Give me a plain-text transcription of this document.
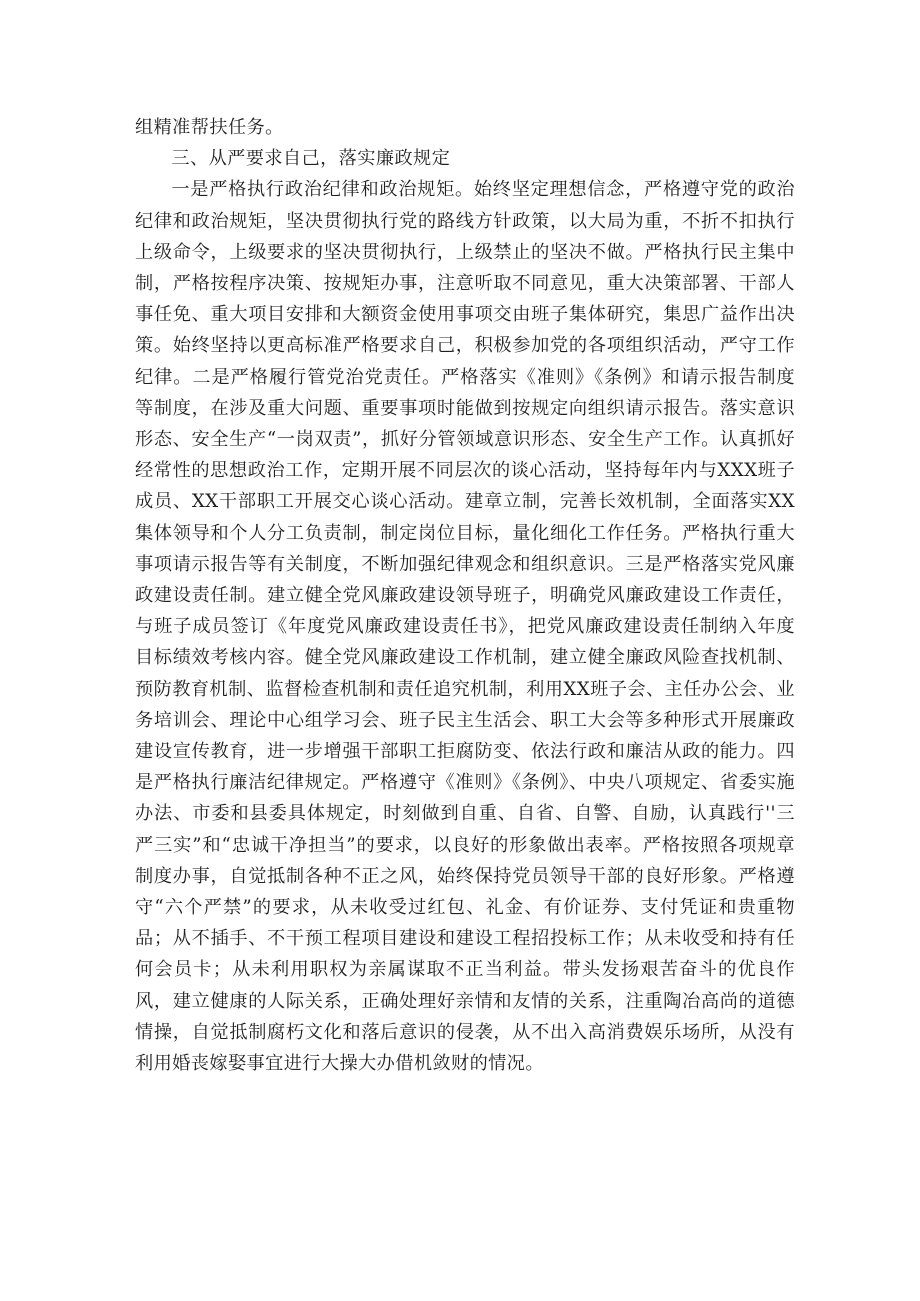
组精准帮扶任务。

三、从严要求自己，落实廉政规定

一是严格执行政治纪律和政治规矩。始终坚定理想信念，严格遵守党的政治纪律和政治规矩，坚决贯彻执行党的路线方针政策，以大局为重，不折不扣执行上级命令，上级要求的坚决贯彻执行，上级禁止的坚决不做。严格执行民主集中制，严格按程序决策、按规矩办事，注意听取不同意见，重大决策部署、干部人事任免、重大项目安排和大额资金使用事项交由班子集体研究，集思广益作出决策。始终坚持以更高标准严格要求自己，积极参加党的各项组织活动，严守工作纪律。二是严格履行管党治党责任。严格落实《准则》《条例》和请示报告制度等制度，在涉及重大问题、重要事项时能做到按规定向组织请示报告。落实意识形态、安全生产“一岗双责”，抓好分管领域意识形态、安全生产工作。认真抓好经常性的思想政治工作，定期开展不同层次的谈心活动，坚持每年内与XXX班子成员、XX干部职工开展交心谈心活动。建章立制，完善长效机制，全面落实XX集体领导和个人分工负责制，制定岗位目标，量化细化工作任务。严格执行重大事项请示报告等有关制度，不断加强纪律观念和组织意识。三是严格落实党风廉政建设责任制。建立健全党风廉政建设领导班子，明确党风廉政建设工作责任，与班子成员签订《年度党风廉政建设责任书》，把党风廉政建设责任制纳入年度目标绩效考核内容。健全党风廉政建设工作机制，建立健全廉政风险查找机制、预防教育机制、监督检查机制和责任追究机制，利用XX班子会、主任办公会、业务培训会、理论中心组学习会、班子民主生活会、职工大会等多种形式开展廉政建设宣传教育，进一步增强干部职工拒腐防变、依法行政和廉洁从政的能力。四是严格执行廉洁纪律规定。严格遵守《准则》《条例》、中央八项规定、省委实施办法、市委和县委具体规定，时刻做到自重、自省、自警、自励，认真践行''三严三实”和“忠诚干净担当”的要求，以良好的形象做出表率。严格按照各项规章制度办事，自觉抵制各种不正之风，始终保持党员领导干部的良好形象。严格遵守“六个严禁”的要求，从未收受过红包、礼金、有价证券、支付凭证和贵重物品；从不插手、不干预工程项目建设和建设工程招投标工作；从未收受和持有任何会员卡；从未利用职权为亲属谋取不正当利益。带头发扬艰苦奋斗的优良作风，建立健康的人际关系，正确处理好亲情和友情的关系，注重陶冶高尚的道德情操，自觉抵制腐朽文化和落后意识的侵袭，从不出入高消费娱乐场所，从没有利用婚丧嫁娶事宜进行大操大办借机敛财的情况。
